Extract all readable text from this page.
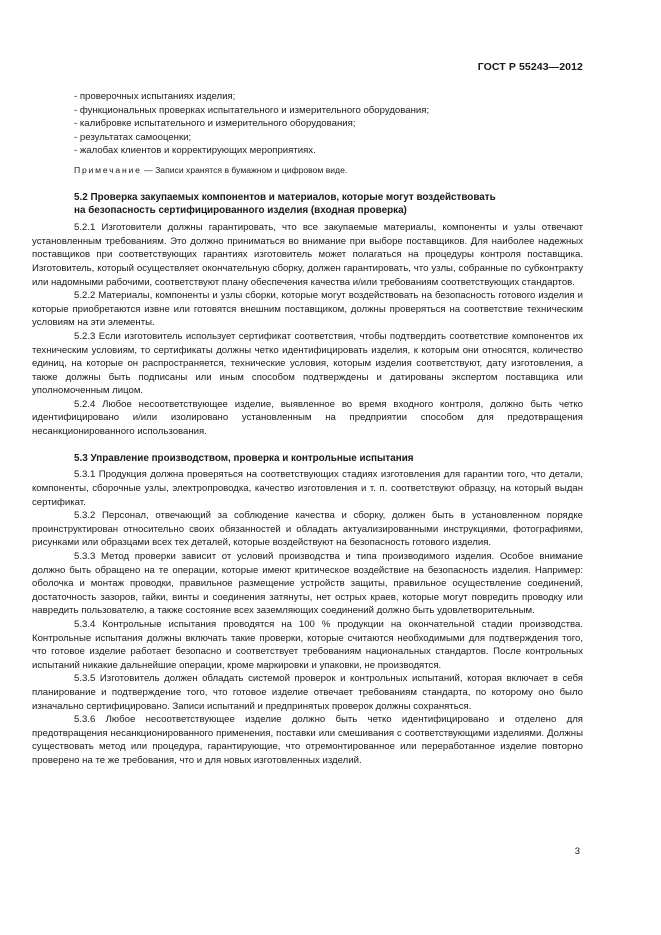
ГОСТ Р 55243—2012
- проверочных испытаниях изделия;
- функциональных проверках испытательного и измерительного оборудования;
- калибровке испытательного и измерительного оборудования;
- результатах самооценки;
- жалобах клиентов и корректирующих мероприятиях.
Примечание — Записи хранятся в бумажном и цифровом виде.
5.2 Проверка закупаемых компонентов и материалов, которые могут воздействовать
на безопасность сертифицированного изделия (входная проверка)

5.2.1 Изготовители должны гарантировать, что все закупаемые материалы, компоненты и узлы отвечают установленным требованиям. Это должно приниматься во внимание при выборе поставщиков. Для наиболее надежных поставщиков при соответствующих гарантиях изготовитель может полагаться на процедуры контроля поставщика. Изготовитель, который осуществляет окончательную сборку, должен гарантировать, что узлы, собранные по субконтракту или надомными рабочими, соответствуют плану обеспечения качества и/или требованиям соответствующих стандартов.

5.2.2 Материалы, компоненты и узлы сборки, которые могут воздействовать на безопасность готового изделия и которые приобретаются извне или готовятся внешним поставщиком, должны проверяться на соответствие техническим условиям на эти элементы.

5.2.3 Если изготовитель использует сертификат соответствия, чтобы подтвердить соответствие компонентов их техническим условиям, то сертификаты должны четко идентифицировать изделия, к которым они относятся, количество единиц, на которые он распространяется, технические условия, которым изделия соответствуют, дату изготовления, а также должны быть подписаны или иным способом подтверждены и датированы экспертом поставщика или уполномоченным лицом.

5.2.4 Любое несоответствующее изделие, выявленное во время входного контроля, должно быть четко идентифицировано и/или изолировано установленным на предприятии способом для предотвращения несанкционированного использования.

5.3 Управление производством, проверка и контрольные испытания

5.3.1 Продукция должна проверяться на соответствующих стадиях изготовления для гарантии того, что детали, компоненты, сборочные узлы, электропроводка, качество изготовления и т. п. соответствуют образцу, на который выдан сертификат.

5.3.2 Персонал, отвечающий за соблюдение качества и сборку, должен быть в установленном порядке проинструктирован относительно своих обязанностей и обладать актуализированными инструкциями, фотографиями, рисунками или образцами всех тех деталей, которые воздействуют на безопасность готового изделия.

5.3.3 Метод проверки зависит от условий производства и типа производимого изделия. Особое внимание должно быть обращено на те операции, которые имеют критическое воздействие на безопасность изделия. Например: оболочка и монтаж проводки, правильное размещение устройств защиты, правильное осуществление соединений, достаточность зазоров, гайки, винты и соединения затянуты, нет острых краев, которые могут повредить проводку или навредить пользователю, а также состояние всех заземляющих соединений должно быть удовлетворительным.

5.3.4 Контрольные испытания проводятся на 100 % продукции на окончательной стадии производства. Контрольные испытания должны включать такие проверки, которые считаются необходимыми для подтверждения того, что готовое изделие работает безопасно и соответствует требованиям национальных стандартов. После контрольных испытаний никакие дальнейшие операции, кроме маркировки и упаковки, не производятся.

5.3.5 Изготовитель должен обладать системой проверок и контрольных испытаний, которая включает в себя планирование и подтверждение того, что готовое изделие отвечает требованиям стандарта, по которому оно было изначально сертифицировано. Записи испытаний и предпринятых проверок должны сохраняться.

5.3.6 Любое несоответствующее изделие должно быть четко идентифицировано и отделено для предотвращения несанкционированного применения, поставки или смешивания с соответствующими изделиями. Должны существовать метод или процедура, гарантирующие, что отремонтированное или переработанное изделие повторно проверено на те же требования, что и для новых изготовленных изделий.

3
